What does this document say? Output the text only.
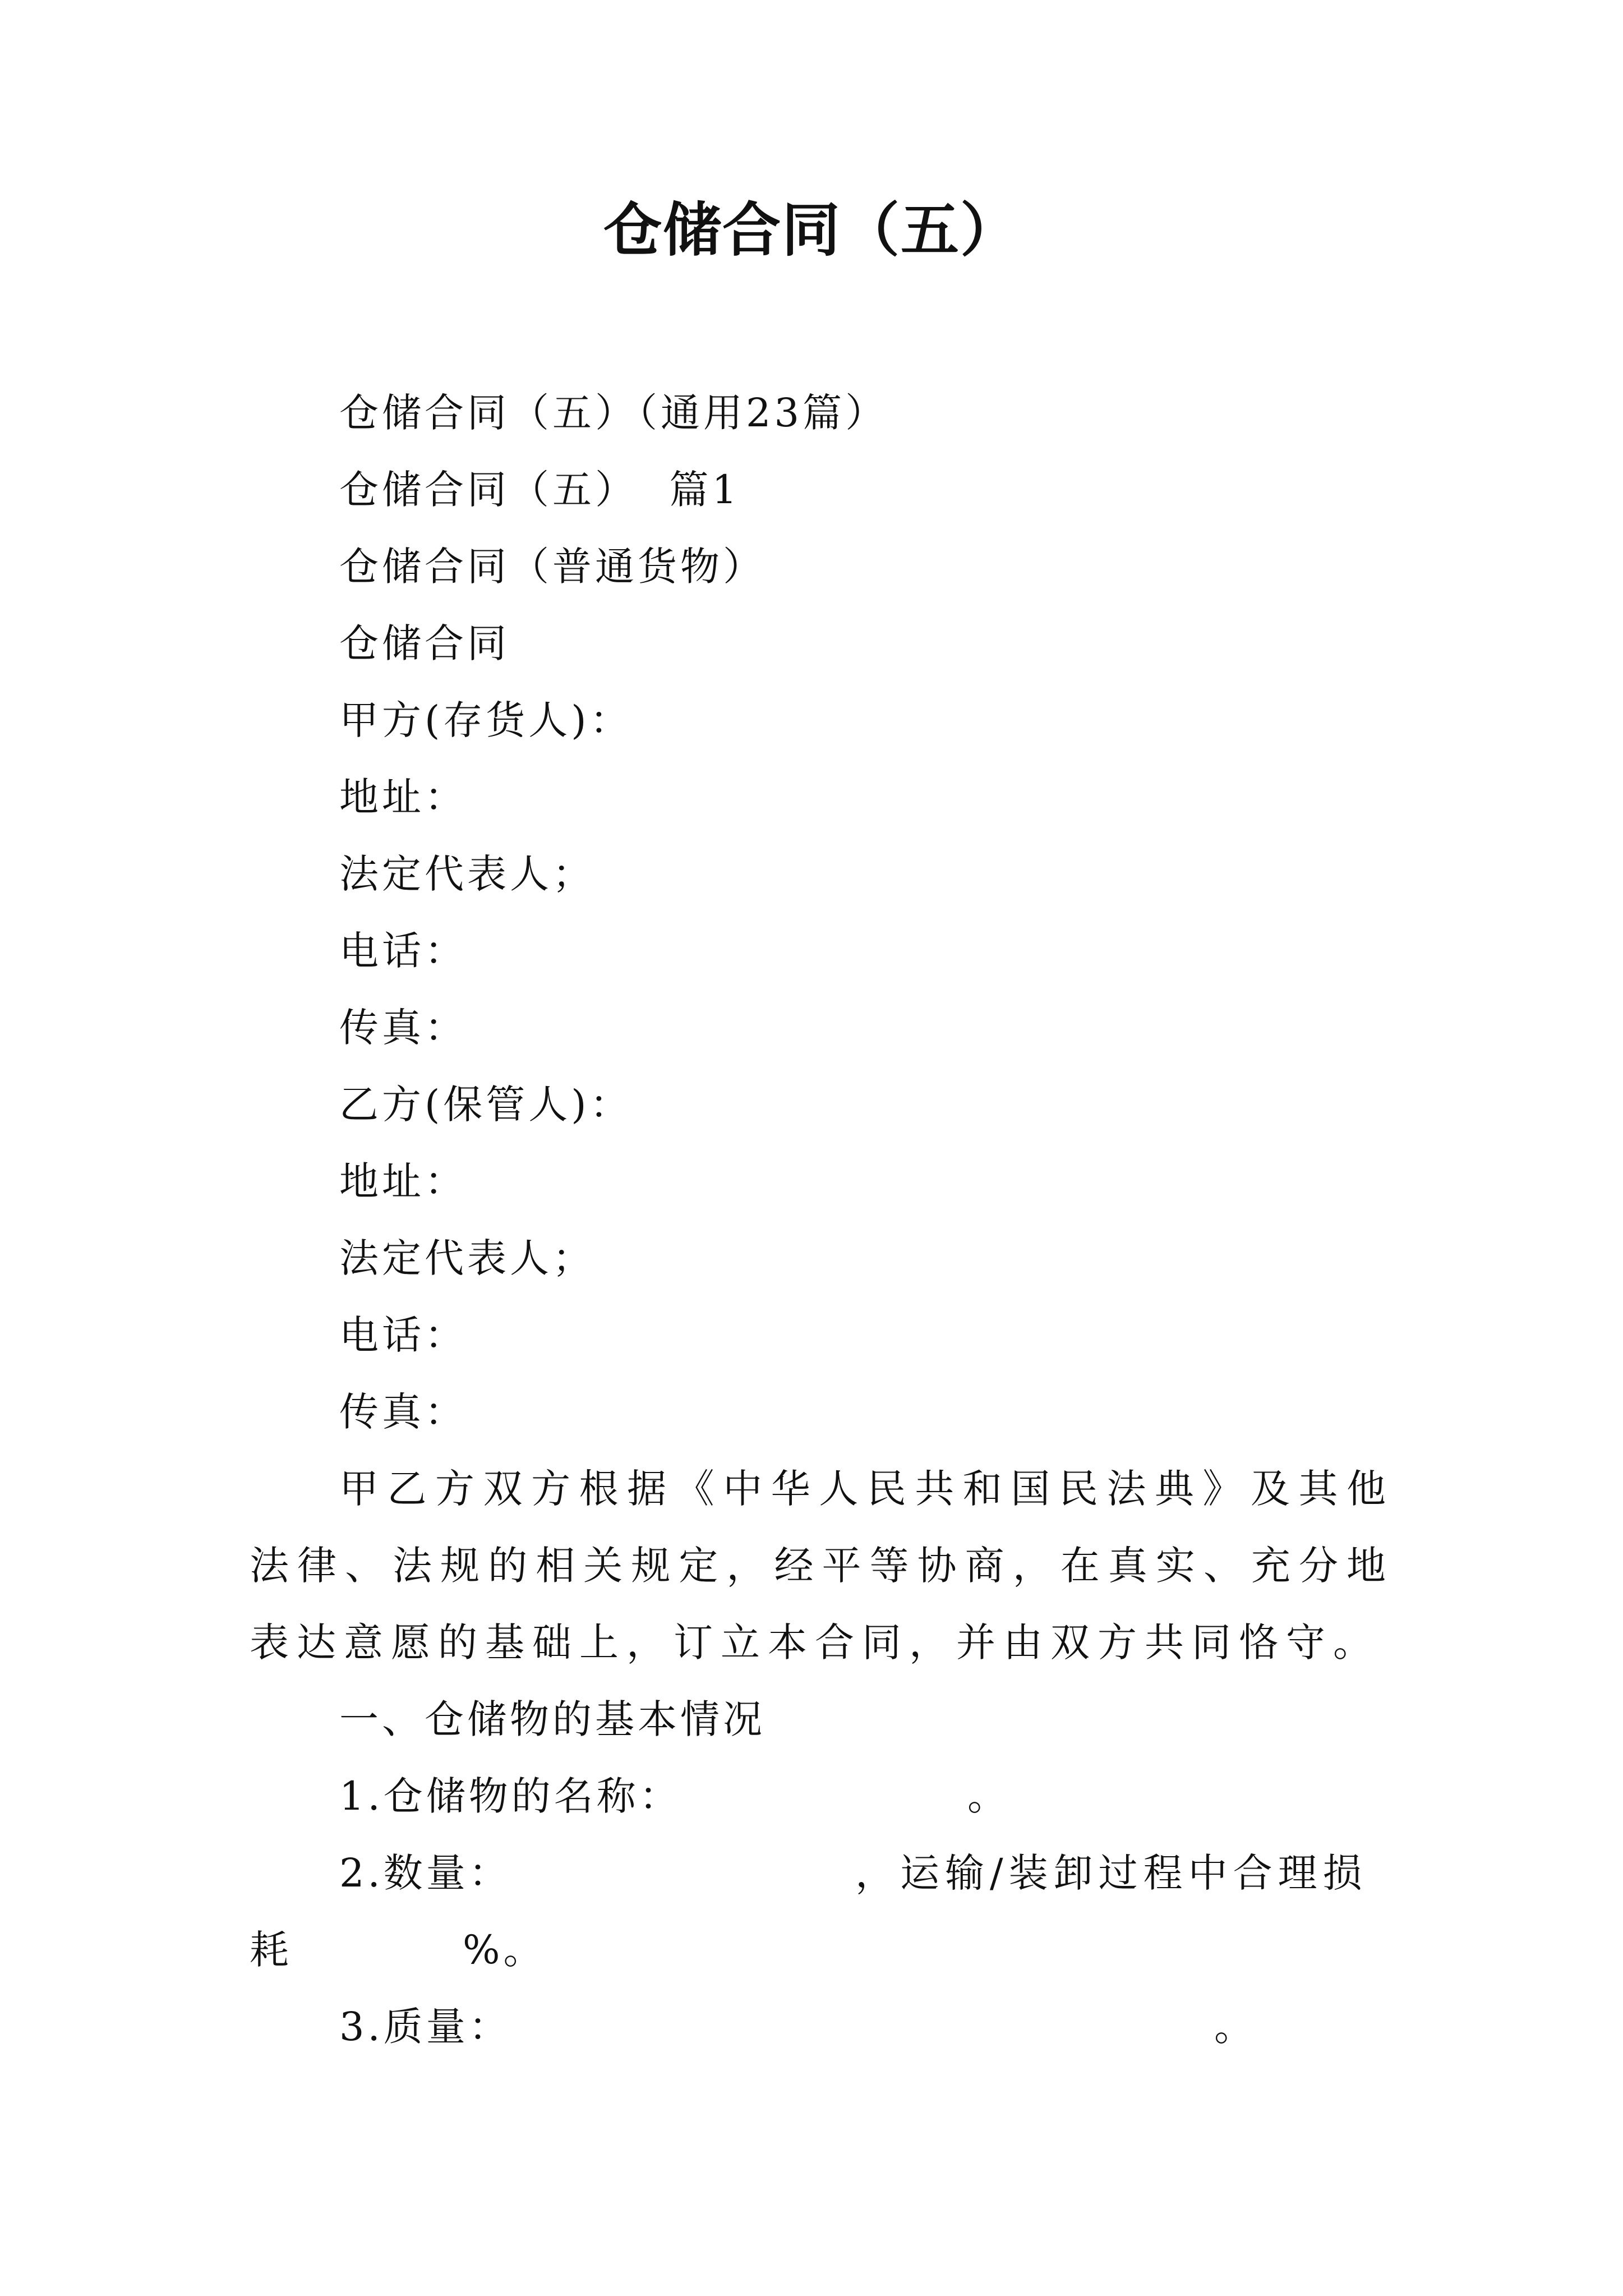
仓储合同（五）
仓储合同（五）（通用23篇）
仓储合同（五）  篇1
仓储合同（普通货物）
仓储合同
甲方(存货人)：
地址：
法定代表人；
电话：
传真：
乙方(保管人)：
地址：
法定代表人；
电话：
传真：
甲乙方双方根据《中华人民共和国民法典》及其他法律、法规的相关规定，经平等协商，在真实、充分地表达意愿的基础上，订立本合同，并由双方共同恪守。
一、仓储物的基本情况
1.仓储物的名称：	。
2.数量：	，运输/装卸过程中合理损
耗	%。
3.质量：	。
